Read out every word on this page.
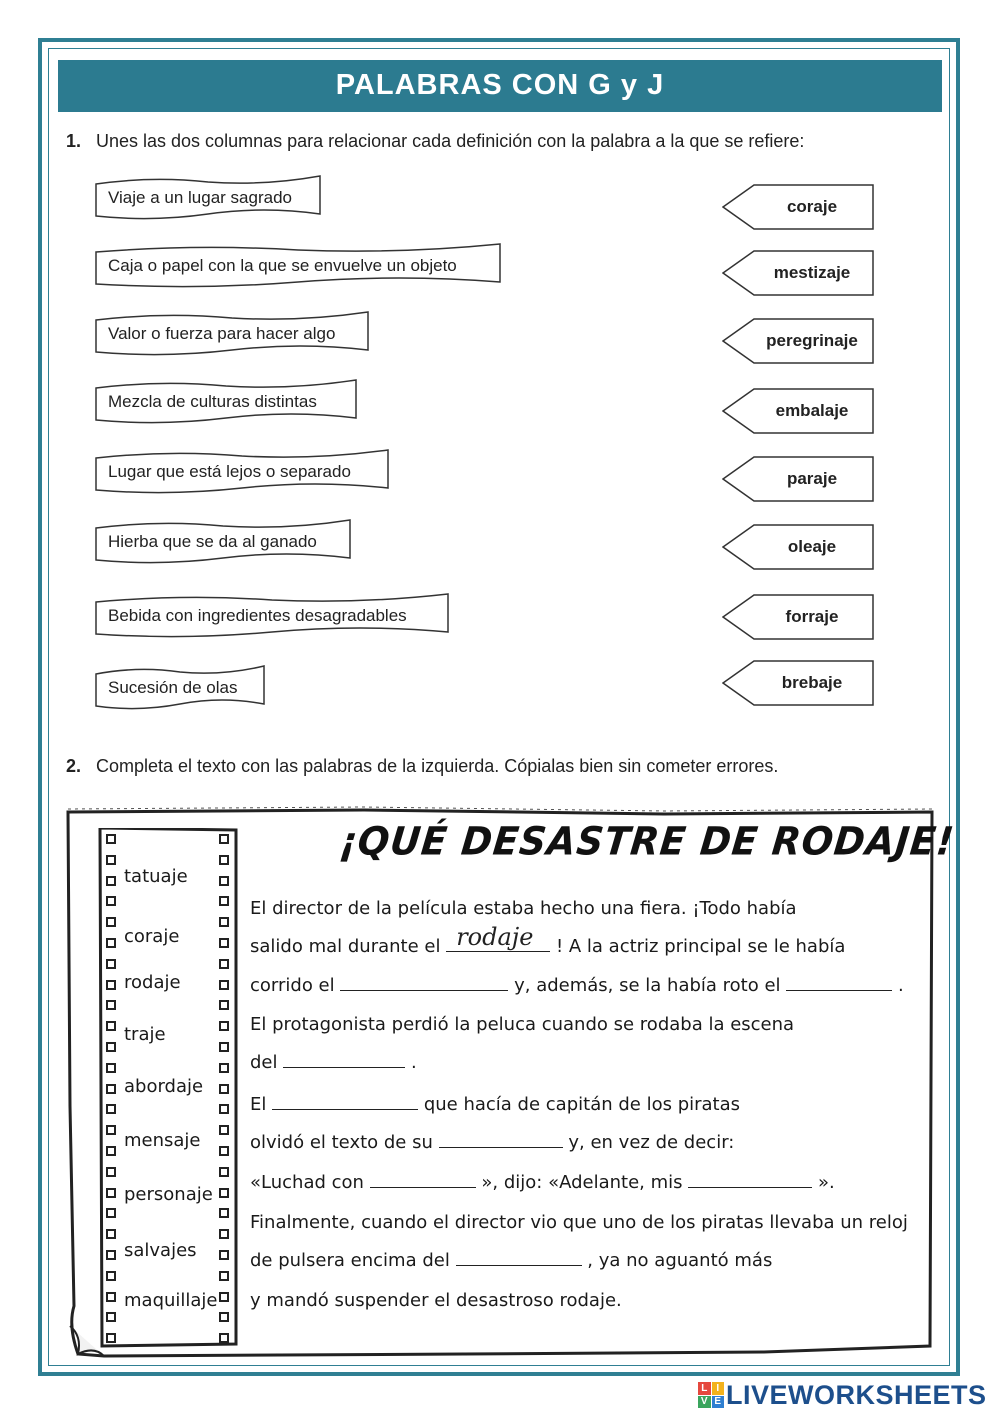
PALABRAS CON G y J
1. Unes las dos columnas para relacionar cada definición con la palabra a la que se refiere:
Viaje a un lugar sagrado
Caja o papel con la que se envuelve un objeto
Valor o fuerza para hacer algo
Mezcla de culturas distintas
Lugar que está lejos o separado
Hierba que se da al ganado
Bebida con ingredientes desagradables
Sucesión de olas
coraje
mestizaje
peregrinaje
embalaje
paraje
oleaje
forraje
brebaje
2. Completa el texto con las palabras de la izquierda. Cópialas bien sin cometer errores.
tatuaje
coraje
rodaje
traje
abordaje
mensaje
personaje
salvajes
maquillaje
¡QUÉ DESASTRE DE RODAJE!
El director de la película estaba hecho una fiera. ¡Todo había
salido mal durante el rodaje ! A la actriz principal se le había
corrido el	y, además, se la había roto el	.
El protagonista perdió la peluca cuando se rodaba la escena
del	.
El	que hacía de capitán de los piratas
olvidó el texto de su	y, en vez de decir:
«Luchad con	», dijo: «Adelante, mis	».
Finalmente, cuando el director vio que uno de los piratas llevaba un reloj
de pulsera encima del	, ya no aguantó más
y mandó suspender el desastroso rodaje.
L I
V E LIVEWORKSHEETS
